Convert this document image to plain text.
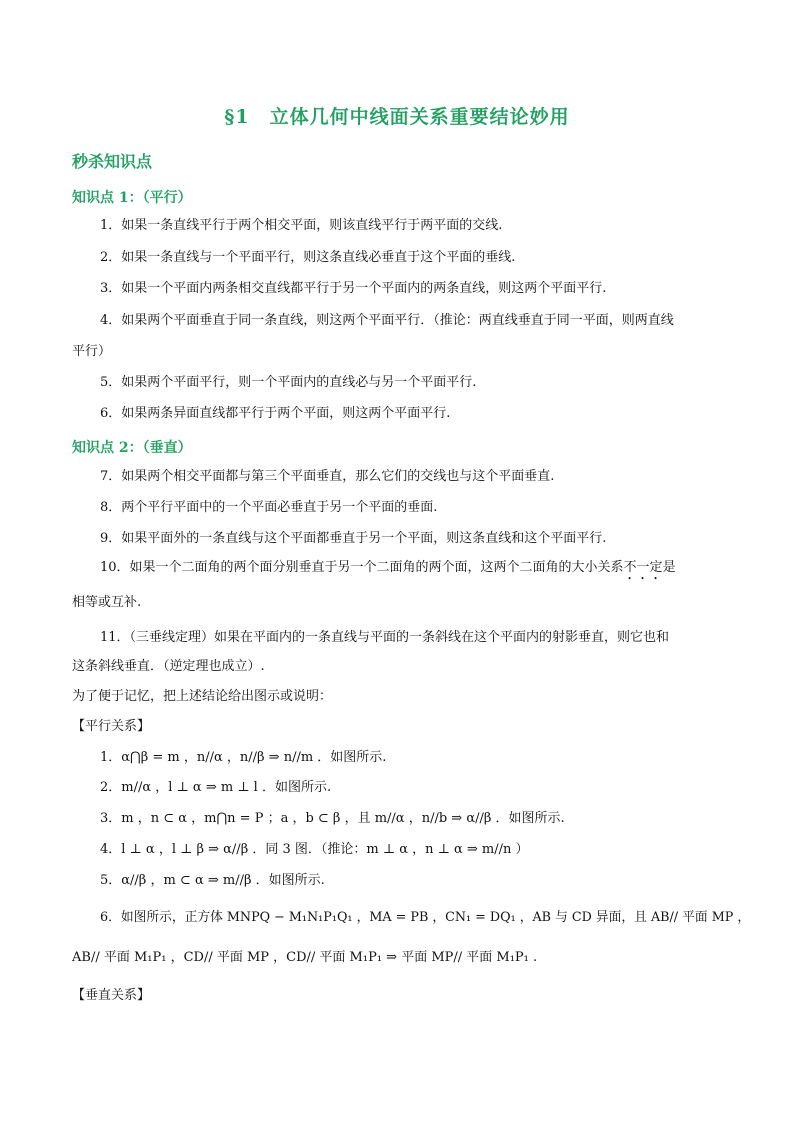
§1　立体几何中线面关系重要结论妙用
秒杀知识点
知识点 1：（平行）
1．如果一条直线平行于两个相交平面，则该直线平行于两平面的交线.
2．如果一条直线与一个平面平行，则这条直线必垂直于这个平面的垂线.
3．如果一个平面内两条相交直线都平行于另一个平面内的两条直线，则这两个平面平行.
4．如果两个平面垂直于同一条直线，则这两个平面平行．（推论：两直线垂直于同一平面，则两直线
平行）
5．如果两个平面平行，则一个平面内的直线必与另一个平面平行.
6．如果两条异面直线都平行于两个平面，则这两个平面平行.
知识点 2：（垂直）
7．如果两个相交平面都与第三个平面垂直，那么它们的交线也与这个平面垂直.
8．两个平行平面中的一个平面必垂直于另一个平面的垂面.
9．如果平面外的一条直线与这个平面都垂直于另一个平面，则这条直线和这个平面平行.
10．如果一个二面角的两个面分别垂直于另一个二面角的两个面，这两个二面角的大小关系不一定是
相等或互补.
11．（三垂线定理）如果在平面内的一条直线与平面的一条斜线在这个平面内的射影垂直，则它也和
这条斜线垂直．（逆定理也成立）.
为了便于记忆，把上述结论给出图示或说明：
【平行关系】
1．α⋂β = m ，n//α ，n//β ⇒ n//m ．如图所示.
2．m//α ，l ⊥ α ⇒ m ⊥ l ．如图所示.
3．m ，n ⊂ α ，m⋂n = P ；a ，b ⊂ β ，且 m//α ，n//b ⇒ α//β ．如图所示.
4．l ⊥ α ，l ⊥ β ⇒ α//β ．同 3 图．（推论：m ⊥ α ，n ⊥ α ⇒ m//n ）
5．α//β ，m ⊂ α ⇒ m//β ．如图所示.
6．如图所示，正方体 MNPQ − M₁N₁P₁Q₁ ，MA = PB ，CN₁ = DQ₁ ，AB 与 CD 异面，且 AB// 平面 MP ，
AB// 平面 M₁P₁ ，CD// 平面 MP ，CD// 平面 M₁P₁ ⇒ 平面 MP// 平面 M₁P₁ .
【垂直关系】
